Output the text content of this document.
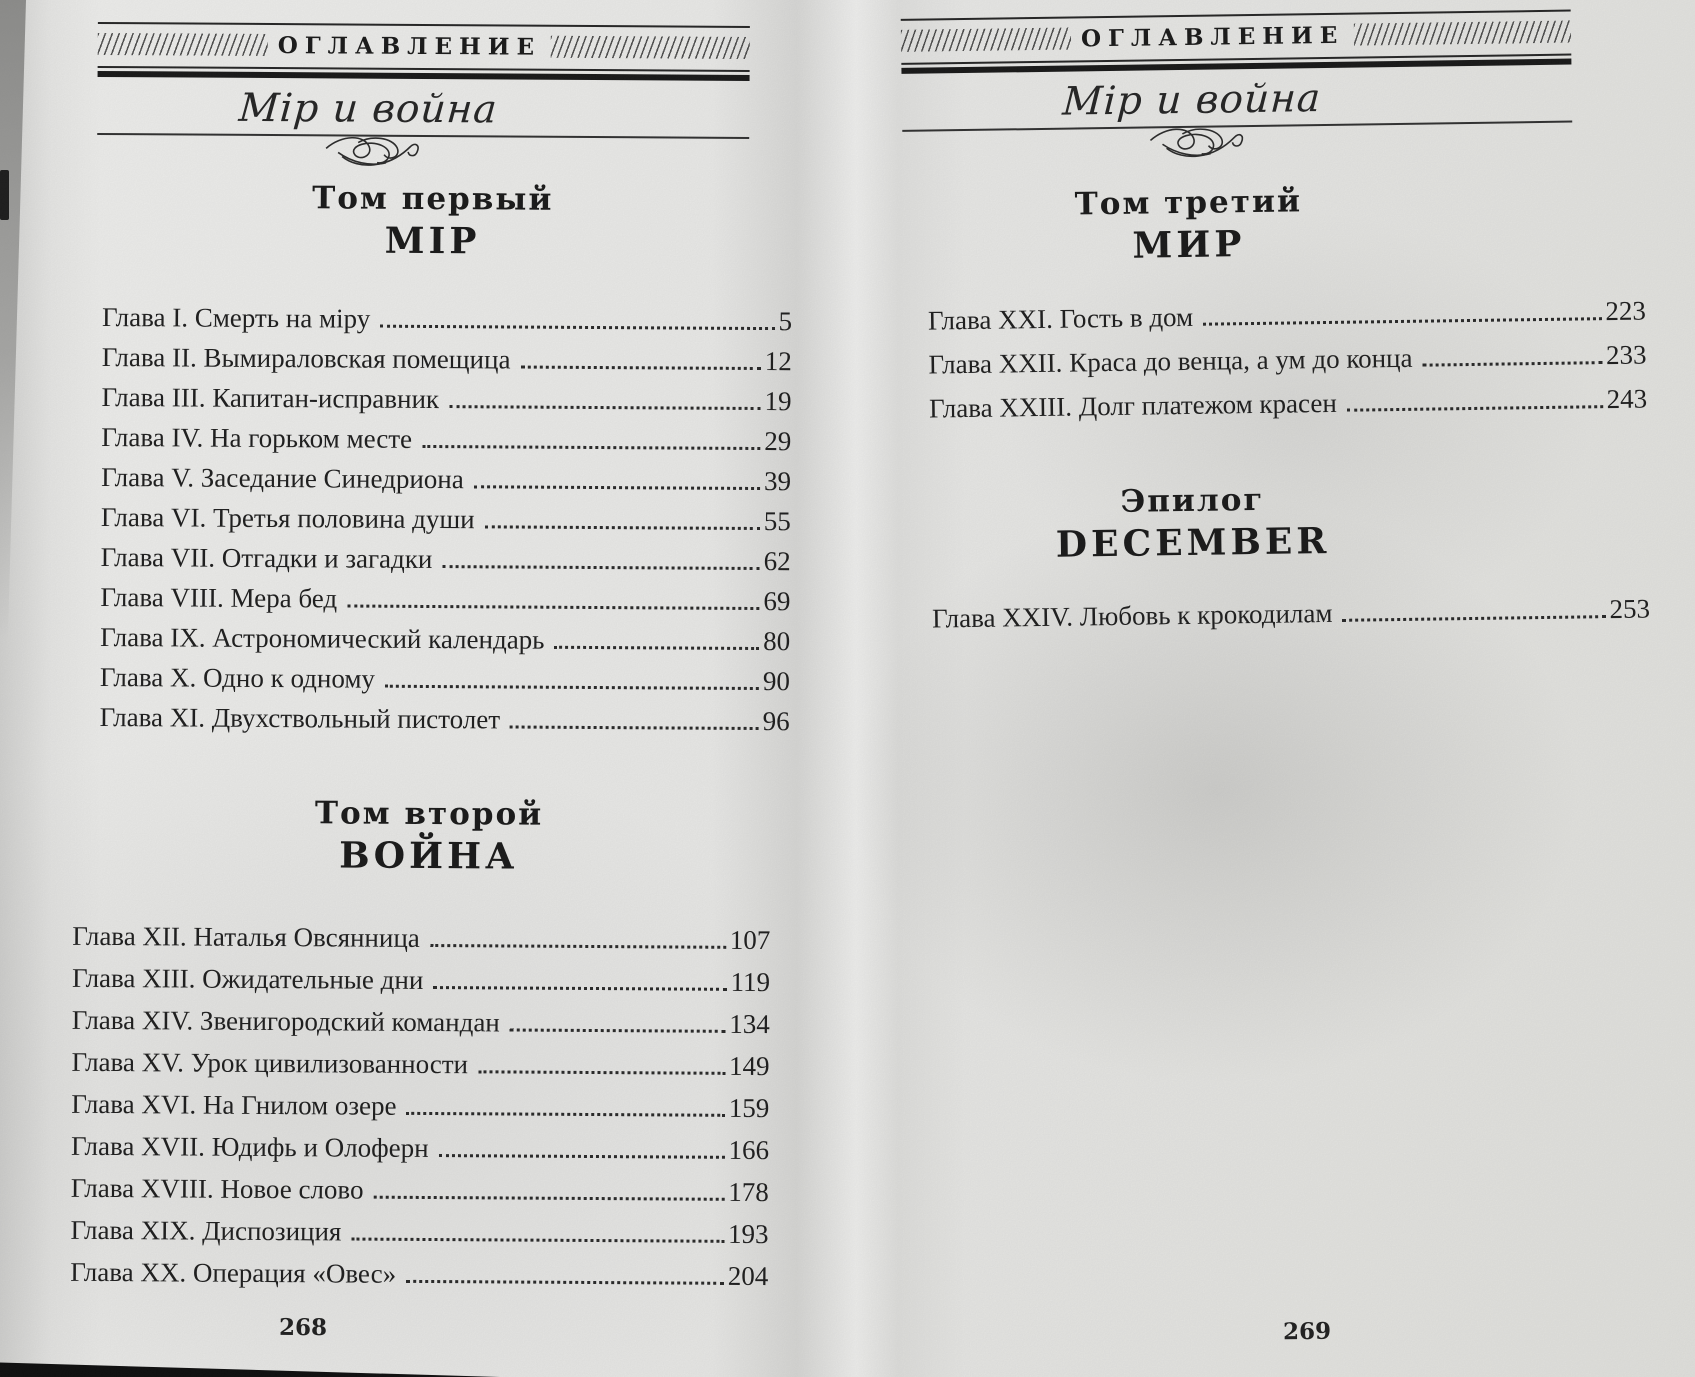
ОГЛАВЛЕНИЕ
Мір и война
Том первый
МІР
Глава I. Смерть на міру	5
Глава II. Вымираловская помещица	12
Глава III. Капитан-исправник	19
Глава IV. На горьком месте	29
Глава V. Заседание Синедриона	39
Глава VI. Третья половина души	55
Глава VII. Отгадки и загадки	62
Глава VIII. Мера бед	69
Глава IX. Астрономический календарь	80
Глава X. Одно к одному	90
Глава XI. Двухствольный пистолет	96
Том второй
ВОЙНА
Глава XII. Наталья Овсянница	107
Глава XIII. Ожидательные дни	119
Глава XIV. Звенигородский командан	134
Глава XV. Урок цивилизованности	149
Глава XVI. На Гнилом озере	159
Глава XVII. Юдифь и Олоферн	166
Глава XVIII. Новое слово	178
Глава XIX. Диспозиция	193
Глава XX. Операция «Овес»	204
ОГЛАВЛЕНИЕ
Мір и война
Том третий
МИР
Глава XXI. Гость в дом	223
Глава XXII. Краса до венца, а ум до конца	233
Глава XXIII. Долг платежом красен	243
Эпилог
DECEMBER
Глава XXIV. Любовь к крокодилам	253
268	269
